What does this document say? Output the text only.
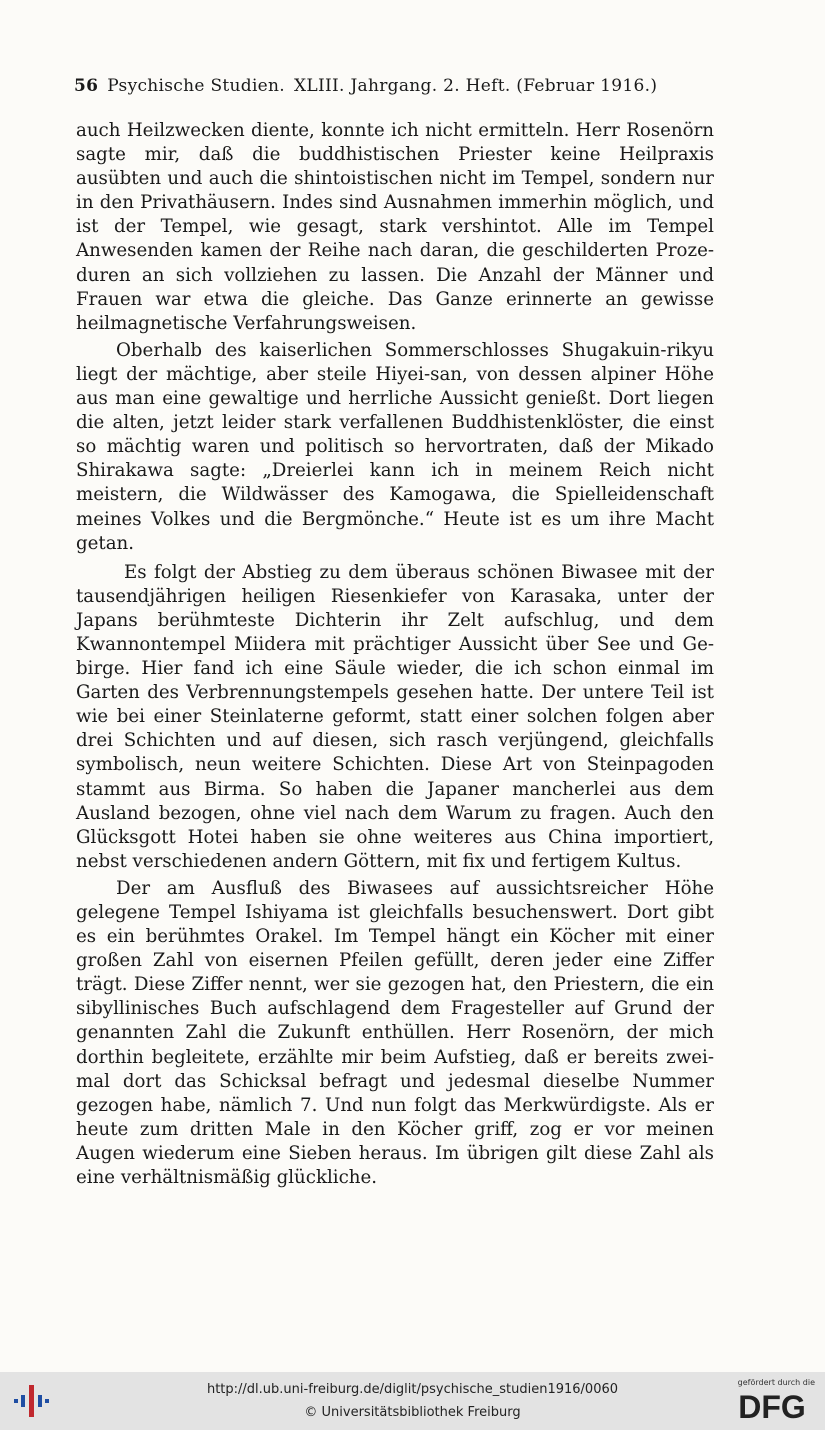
56 Psychische Studien. XLIII. Jahrgang. 2. Heft. (Februar 1916.)

auch Heilzwecken diente, konnte ich nicht ermitteln. Herr Rosenörn sagte mir, daß die buddhistischen Priester keine Heilpraxis ausübten und auch die shintoistischen nicht im Tempel, sondern nur in den Privathäusern. Indes sind Ausnahmen immerhin möglich, und ist der Tempel, wie gesagt, stark vershintot. Alle im Tempel Anwesenden kamen der Reihe nach daran, die geschilderten Prozeduren an sich vollziehen zu lassen. Die Anzahl der Männer und Frauen war etwa die gleiche. Das Ganze erinnerte an gewisse heilmagnetische Verfahrungsweisen.

Oberhalb des kaiserlichen Sommerschlosses Shugakuin-rikyu liegt der mächtige, aber steile Hiyei-san, von dessen alpiner Höhe aus man eine gewaltige und herrliche Aussicht genießt. Dort liegen die alten, jetzt leider stark verfallenen Buddhistenklöster, die einst so mächtig waren und politisch so hervortraten, daß der Mikado Shirakawa sagte: „Dreierlei kann ich in meinem Reich nicht meistern, die Wildwässer des Kamogawa, die Spielleidenschaft meines Volkes und die Bergmönche.“ Heute ist es um ihre Macht getan.

Es folgt der Abstieg zu dem überaus schönen Biwasee mit der tausendjährigen heiligen Riesenkiefer von Karasaka, unter der Japans berühmteste Dichterin ihr Zelt aufschlug, und dem Kwannontempel Miidera mit prächtiger Aussicht über See und Gebirge. Hier fand ich eine Säule wieder, die ich schon einmal im Garten des Verbrennungstempels gesehen hatte. Der untere Teil ist wie bei einer Steinlaterne geformt, statt einer solchen folgen aber drei Schichten und auf diesen, sich rasch verjüngend, gleichfalls symbolisch, neun weitere Schichten. Diese Art von Steinpagoden stammt aus Birma. So haben die Japaner mancherlei aus dem Ausland bezogen, ohne viel nach dem Warum zu fragen. Auch den Glücksgott Hotei haben sie ohne weiteres aus China importiert, nebst verschiedenen andern Göttern, mit fix und fertigem Kultus.

Der am Ausfluß des Biwasees auf aussichtsreicher Höhe gelegene Tempel Ishiyama ist gleichfalls besuchenswert. Dort gibt es ein berühmtes Orakel. Im Tempel hängt ein Köcher mit einer großen Zahl von eisernen Pfeilen gefüllt, deren jeder eine Ziffer trägt. Diese Ziffer nennt, wer sie gezogen hat, den Priestern, die ein sibyllinisches Buch aufschlagend dem Fragesteller auf Grund der genannten Zahl die Zukunft enthüllen. Herr Rosenörn, der mich dorthin begleitete, erzählte mir beim Aufstieg, daß er bereits zweimal dort das Schicksal befragt und jedesmal dieselbe Nummer gezogen habe, nämlich 7. Und nun folgt das Merkwürdigste. Als er heute zum dritten Male in den Köcher griff, zog er vor meinen Augen wiederum eine Sieben heraus. Im übrigen gilt diese Zahl als eine verhältnismäßig glückliche.

http://dl.ub.uni-freiburg.de/diglit/psychische_studien1916/0060
© Universitätsbibliothek Freiburg
gefördert durch die
DFG
